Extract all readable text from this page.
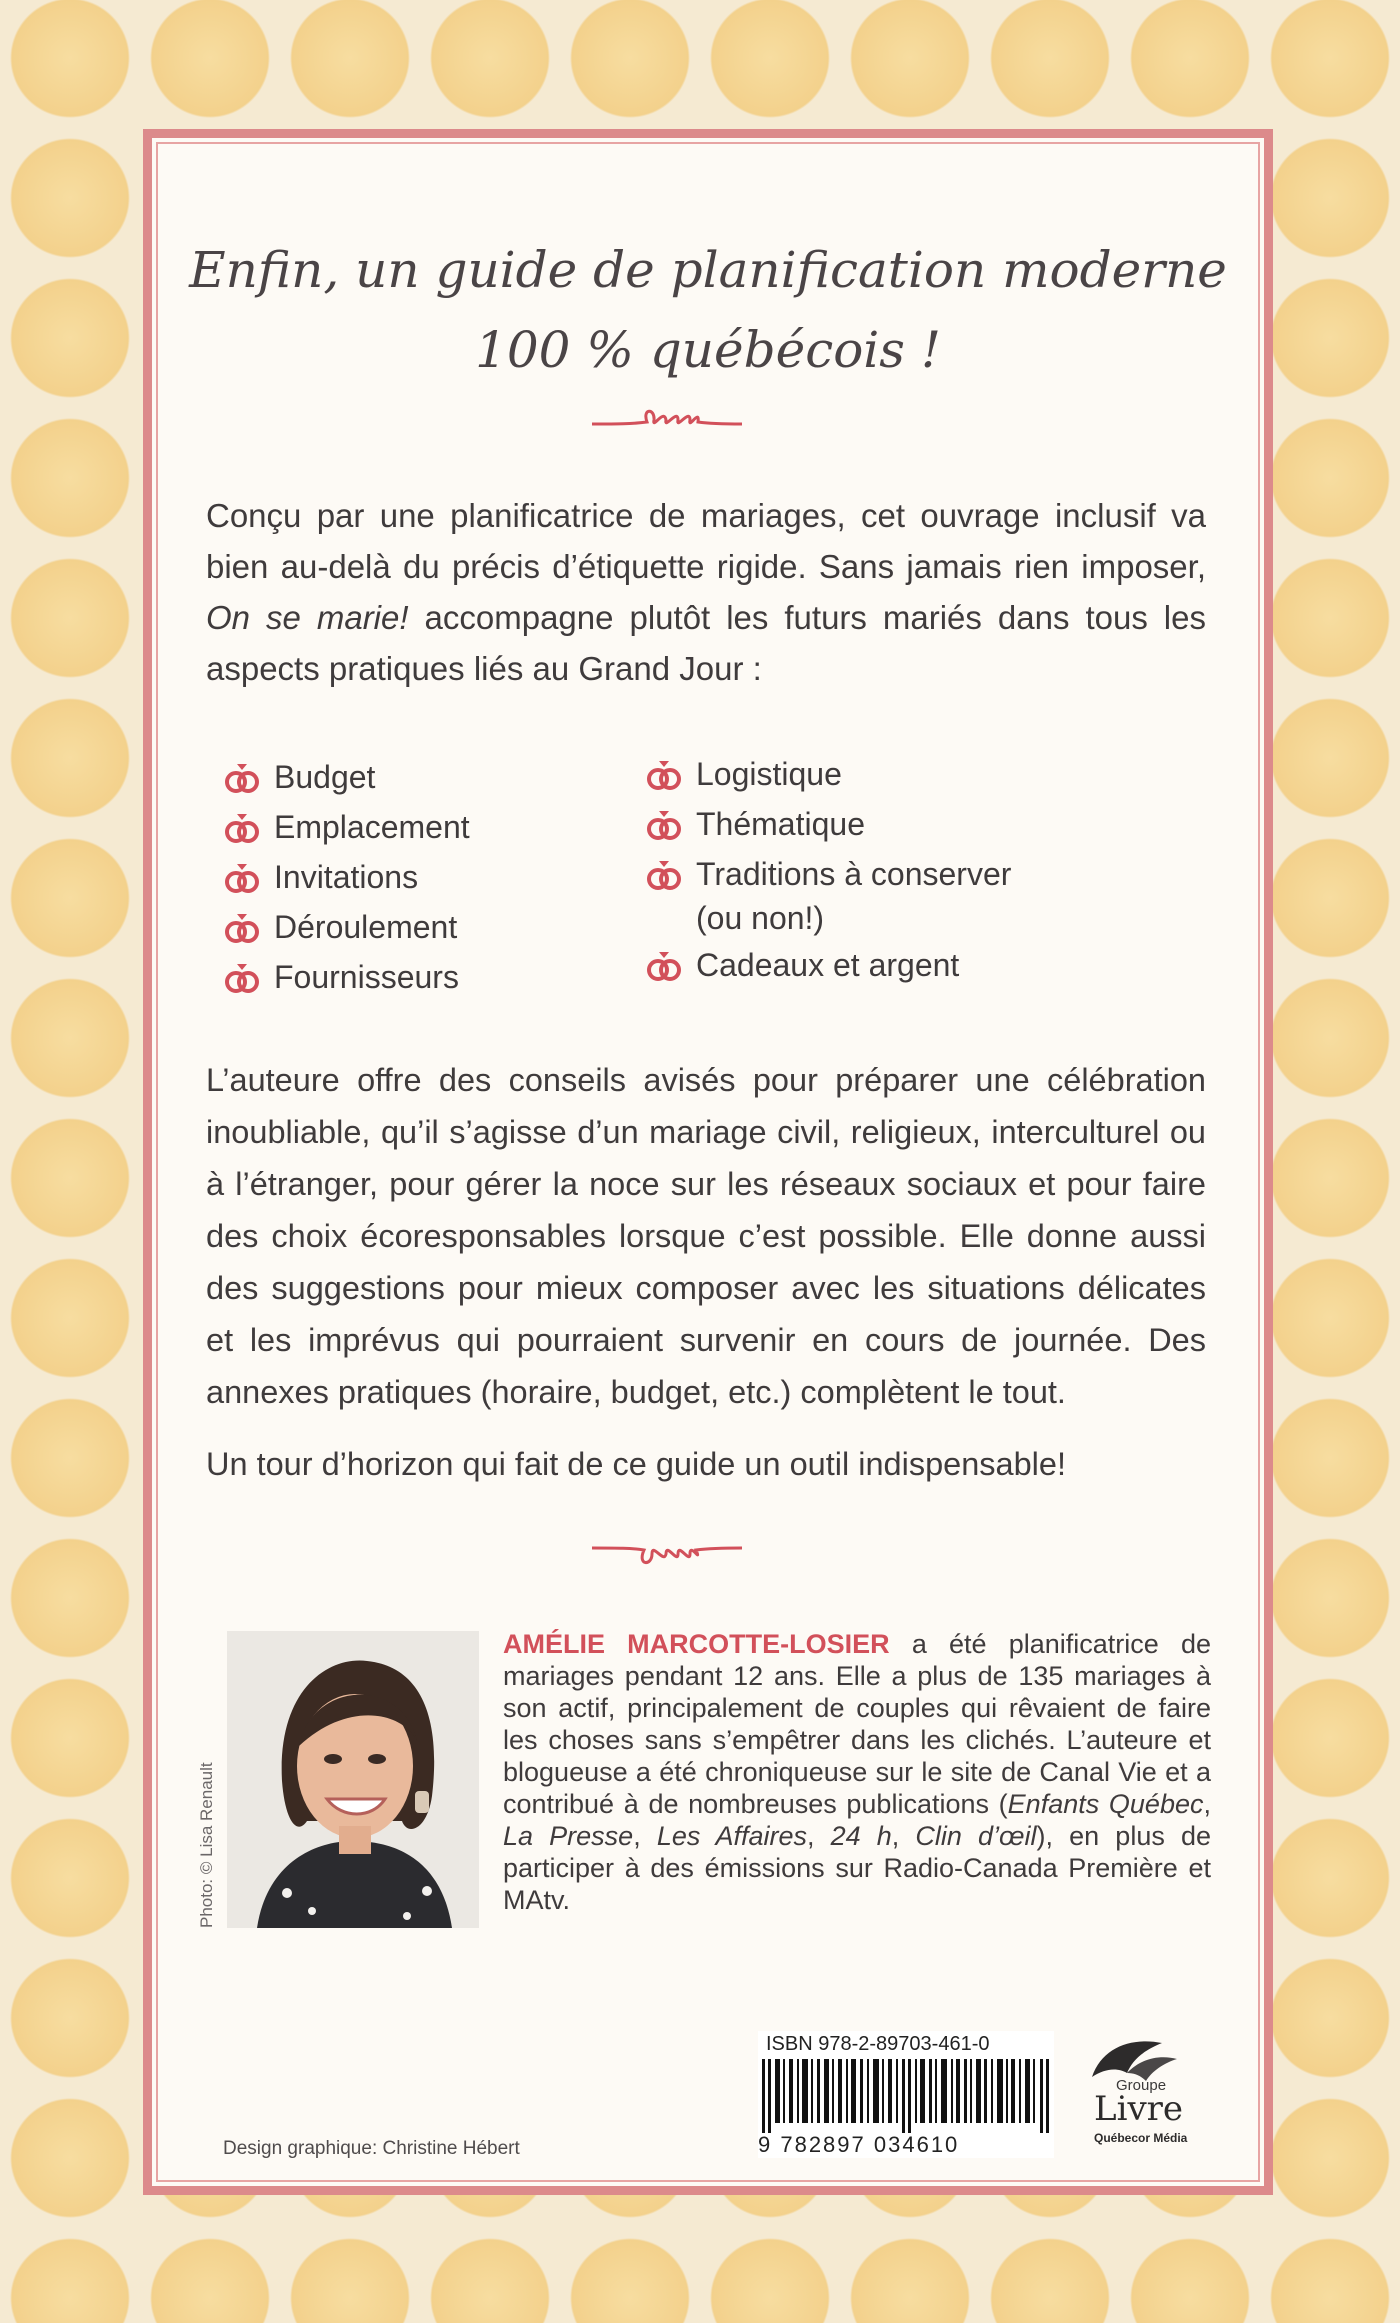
Enfin, un guide de planification moderne
100 % québécois !

Conçu par une planificatrice de mariages, cet ouvrage inclusif va bien au-delà du précis d’étiquette rigide. Sans jamais rien imposer, On se marie! accompagne plutôt les futurs mariés dans tous les aspects pratiques liés au Grand Jour :

Budget
Emplacement
Invitations
Déroulement
Fournisseurs
Logistique
Thématique
Traditions à conserver
(ou non!)
Cadeaux et argent

L’auteure offre des conseils avisés pour préparer une célébration inoubliable, qu’il s’agisse d’un mariage civil, religieux, interculturel ou à l’étranger, pour gérer la noce sur les réseaux sociaux et pour faire des choix écoresponsables lorsque c’est possible. Elle donne aussi des suggestions pour mieux composer avec les situations délicates et les imprévus qui pourraient survenir en cours de journée. Des annexes pratiques (horaire, budget, etc.) complètent le tout.

Un tour d’horizon qui fait de ce guide un outil indispensable!

Photo: © Lisa Renault

AMÉLIE MARCOTTE-LOSIER a été planificatrice de mariages pendant 12 ans. Elle a plus de 135 mariages à son actif, principalement de couples qui rêvaient de faire les choses sans s’empêtrer dans les clichés. L’auteure et blogueuse a été chroniqueuse sur le site de Canal Vie et a contribué à de nombreuses publications (Enfants Québec, La Presse, Les Affaires, 24 h, Clin d’œil), en plus de participer à des émissions sur Radio-Canada Première et MAtv.

ISBN 978-2-89703-461-0
9 782897 034610
Design graphique: Christine Hébert
Groupe
Livre
Québecor Média
